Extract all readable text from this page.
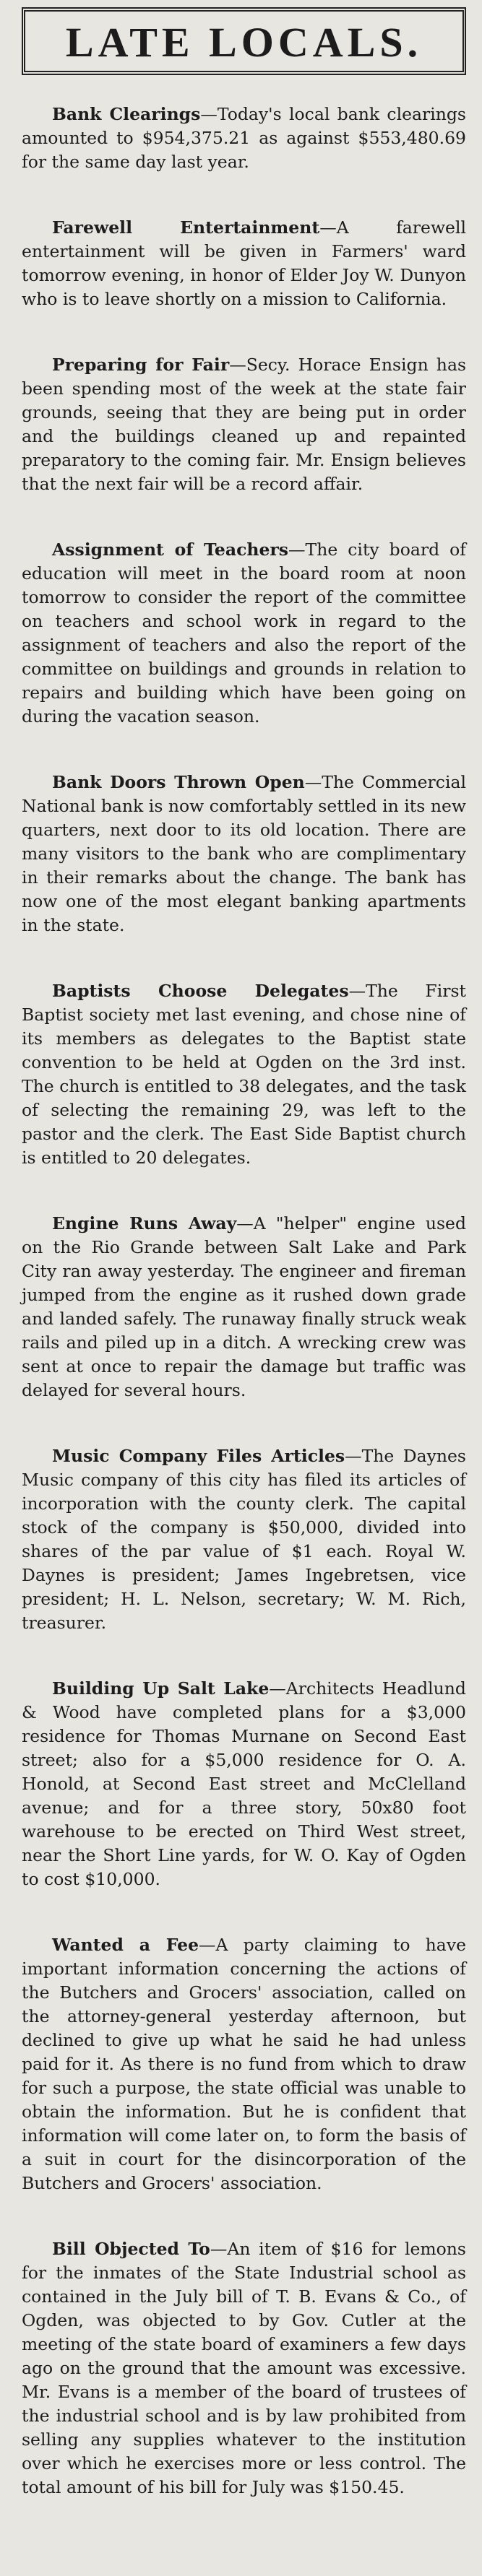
LATE LOCALS.

Bank Clearings—Today's local bank clearings amounted to $954,375.21 as against $553,480.69 for the same day last year.

Farewell Entertainment—A farewell entertainment will be given in Farmers' ward tomorrow evening, in honor of Elder Joy W. Dunyon who is to leave shortly on a mission to California.

Preparing for Fair—Secy. Horace Ensign has been spending most of the week at the state fair grounds, seeing that they are being put in order and the buildings cleaned up and repainted preparatory to the coming fair. Mr. Ensign believes that the next fair will be a record affair.

Assignment of Teachers—The city board of education will meet in the board room at noon tomorrow to consider the report of the committee on teachers and school work in regard to the assignment of teachers and also the report of the committee on buildings and grounds in relation to repairs and building which have been going on during the vacation season.

Bank Doors Thrown Open—The Commercial National bank is now comfortably settled in its new quarters, next door to its old location. There are many visitors to the bank who are complimentary in their remarks about the change. The bank has now one of the most elegant banking apartments in the state.

Baptists Choose Delegates—The First Baptist society met last evening, and chose nine of its members as delegates to the Baptist state convention to be held at Ogden on the 3rd inst. The church is entitled to 38 delegates, and the task of selecting the remaining 29, was left to the pastor and the clerk. The East Side Baptist church is entitled to 20 delegates.

Engine Runs Away—A "helper" engine used on the Rio Grande between Salt Lake and Park City ran away yesterday. The engineer and fireman jumped from the engine as it rushed down grade and landed safely. The runaway finally struck weak rails and piled up in a ditch. A wrecking crew was sent at once to repair the damage but traffic was delayed for several hours.

Music Company Files Articles—The Daynes Music company of this city has filed its articles of incorporation with the county clerk. The capital stock of the company is $50,000, divided into shares of the par value of $1 each. Royal W. Daynes is president; James Ingebretsen, vice president; H. L. Nelson, secretary; W. M. Rich, treasurer.

Building Up Salt Lake—Architects Headlund & Wood have completed plans for a $3,000 residence for Thomas Murnane on Second East street; also for a $5,000 residence for O. A. Honold, at Second East street and McClelland avenue; and for a three story, 50x80 foot warehouse to be erected on Third West street, near the Short Line yards, for W. O. Kay of Ogden to cost $10,000.

Wanted a Fee—A party claiming to have important information concerning the actions of the Butchers and Grocers' association, called on the attorney-general yesterday afternoon, but declined to give up what he said he had unless paid for it. As there is no fund from which to draw for such a purpose, the state official was unable to obtain the information. But he is confident that information will come later on, to form the basis of a suit in court for the disincorporation of the Butchers and Grocers' association.

Bill Objected To—An item of $16 for lemons for the inmates of the State Industrial school as contained in the July bill of T. B. Evans & Co., of Ogden, was objected to by Gov. Cutler at the meeting of the state board of examiners a few days ago on the ground that the amount was excessive. Mr. Evans is a member of the board of trustees of the industrial school and is by law prohibited from selling any supplies whatever to the institution over which he exercises more or less control. The total amount of his bill for July was $150.45.
